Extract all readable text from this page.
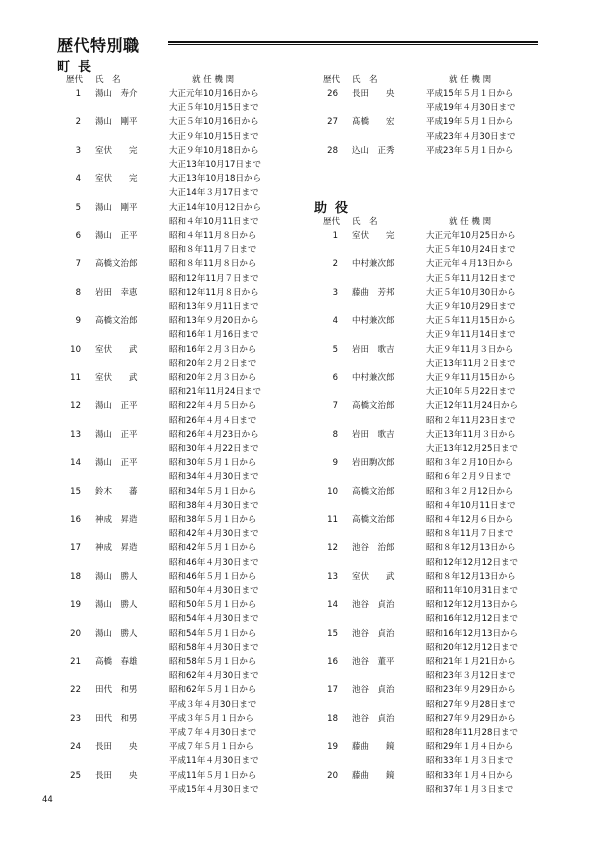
歴代特別職
町長
歴代 氏　名	就 任 機 関
1 湯山　寿介	大正元年10月16日から
大正５年10月15日まで
2 湯山　剛平	大正５年10月16日から
大正９年10月15日まで
3 室伏　　完	大正９年10月18日から
大正13年10月17日まで
4 室伏　　完	大正13年10月18日から
大正14年３月17日まで
5 湯山　剛平	大正14年10月12日から
昭和４年10月11日まで
6 湯山　正平	昭和４年11月８日から
昭和８年11月７日まで
7 高橋文治郎	昭和８年11月８日から
昭和12年11月７日まで
8 岩田　幸恵	昭和12年11月８日から
昭和13年９月11日まで
9 高橋文治郎	昭和13年９月20日から
昭和16年１月16日まで
10 室伏　　武	昭和16年２月３日から
昭和20年２月２日まで
11 室伏　　武	昭和20年２月３日から
昭和21年11月24日まで
12 湯山　正平	昭和22年４月５日から
昭和26年４月４日まで
13 湯山　正平	昭和26年４月23日から
昭和30年４月22日まで
14 湯山　正平	昭和30年５月１日から
昭和34年４月30日まで
15 鈴木　　蕃	昭和34年５月１日から
昭和38年４月30日まで
16 神成　昇造	昭和38年５月１日から
昭和42年４月30日まで
17 神成　昇造	昭和42年５月１日から
昭和46年４月30日まで
18 湯山　勝人	昭和46年５月１日から
昭和50年４月30日まで
19 湯山　勝人	昭和50年５月１日から
昭和54年４月30日まで
20 湯山　勝人	昭和54年５月１日から
昭和58年４月30日まで
21 高橋　春雄	昭和58年５月１日から
昭和62年４月30日まで
22 田代　和男	昭和62年５月１日から
平成３年４月30日まで
23 田代　和男	平成３年５月１日から
平成７年４月30日まで
24 長田　　央	平成７年５月１日から
平成11年４月30日まで
25 長田　　央	平成11年５月１日から
平成15年４月30日まで
歴代 氏　名	就 任 機 関
26 長田　　央	平成15年５月１日から
平成19年４月30日まで
27 髙橋　　宏	平成19年５月１日から
平成23年４月30日まで
28 込山　正秀	平成23年５月１日から
助役
歴代 氏　名	就 任 機 関
1 室伏　　完	大正元年10月25日から
大正５年10月24日まで
2 中村兼次郎	大正元年４月13日から
大正５年11月12日まで
3 藤曲　芳邦	大正５年10月30日から
大正９年10月29日まで
4 中村兼次郎	大正５年11月15日から
大正９年11月14日まで
5 岩田　歌吉	大正９年11月３日から
大正13年11月２日まで
6 中村兼次郎	大正９年11月15日から
大正10年５月22日まで
7 高橋文治郎	大正12年11月24日から
昭和２年11月23日まで
8 岩田　歌吉	大正13年11月３日から
大正13年12月25日まで
9 岩田駒次郎	昭和３年２月10日から
昭和６年２月９日まで
10 高橋文治郎	昭和３年２月12日から
昭和４年10月11日まで
11 高橋文治郎	昭和４年12月６日から
昭和８年11月７日まで
12 池谷　治郎	昭和８年12月13日から
昭和12年12月12日まで
13 室伏　　武	昭和８年12月13日から
昭和11年10月31日まで
14 池谷　貞治	昭和12年12月13日から
昭和16年12月12日まで
15 池谷　貞治	昭和16年12月13日から
昭和20年12月12日まで
16 池谷　董平	昭和21年１月21日から
昭和23年３月12日まで
17 池谷　貞治	昭和23年９月29日から
昭和27年９月28日まで
18 池谷　貞治	昭和27年９月29日から
昭和28年11月28日まで
19 藤曲　　鏡	昭和29年１月４日から
昭和33年１月３日まで
20 藤曲　　鏡	昭和33年１月４日から
昭和37年１月３日まで
44
